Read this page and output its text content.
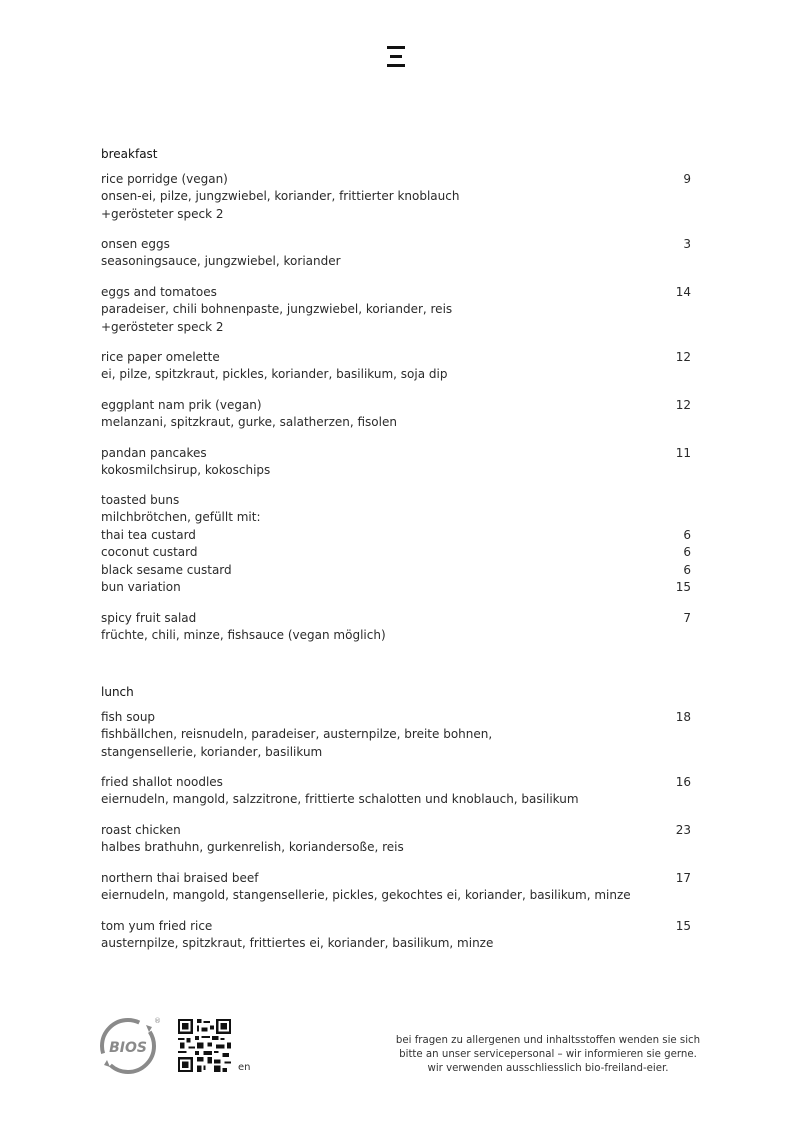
breakfast
rice porridge (vegan)	9
onsen-ei, pilze, jungzwiebel, koriander, frittierter knoblauch
+gerösteter speck 2
onsen eggs	3
seasoningsauce, jungzwiebel, koriander
eggs and tomatoes	14
paradeiser, chili bohnenpaste, jungzwiebel, koriander, reis
+gerösteter speck 2
rice paper omelette	12
ei, pilze, spitzkraut, pickles, koriander, basilikum, soja dip
eggplant nam prik (vegan)	12
melanzani, spitzkraut, gurke, salatherzen, fisolen
pandan pancakes	11
kokosmilchsirup, kokoschips
toasted buns
milchbrötchen, gefüllt mit:
thai tea custard	6
coconut custard	6
black sesame custard	6
bun variation	15
spicy fruit salad	7
früchte, chili, minze, fishsauce (vegan möglich)
lunch
fish soup	18
fishbällchen, reisnudeln, paradeiser, austernpilze, breite bohnen,
stangensellerie, koriander, basilikum
fried shallot noodles	16
eiernudeln, mangold, salzzitrone, frittierte schalotten und knoblauch, basilikum
roast chicken	23
halbes brathuhn, gurkenrelish, koriandersoße, reis
northern thai braised beef	17
eiernudeln, mangold, stangensellerie, pickles, gekochtes ei, koriander, basilikum, minze
tom yum fried rice	15
austernpilze, spitzkraut, frittiertes ei, koriander, basilikum, minze
BIOS
®
en
bei fragen zu allergenen und inhaltsstoffen wenden sie sich
bitte an unser servicepersonal – wir informieren sie gerne.
wir verwenden ausschliesslich bio-freiland-eier.
